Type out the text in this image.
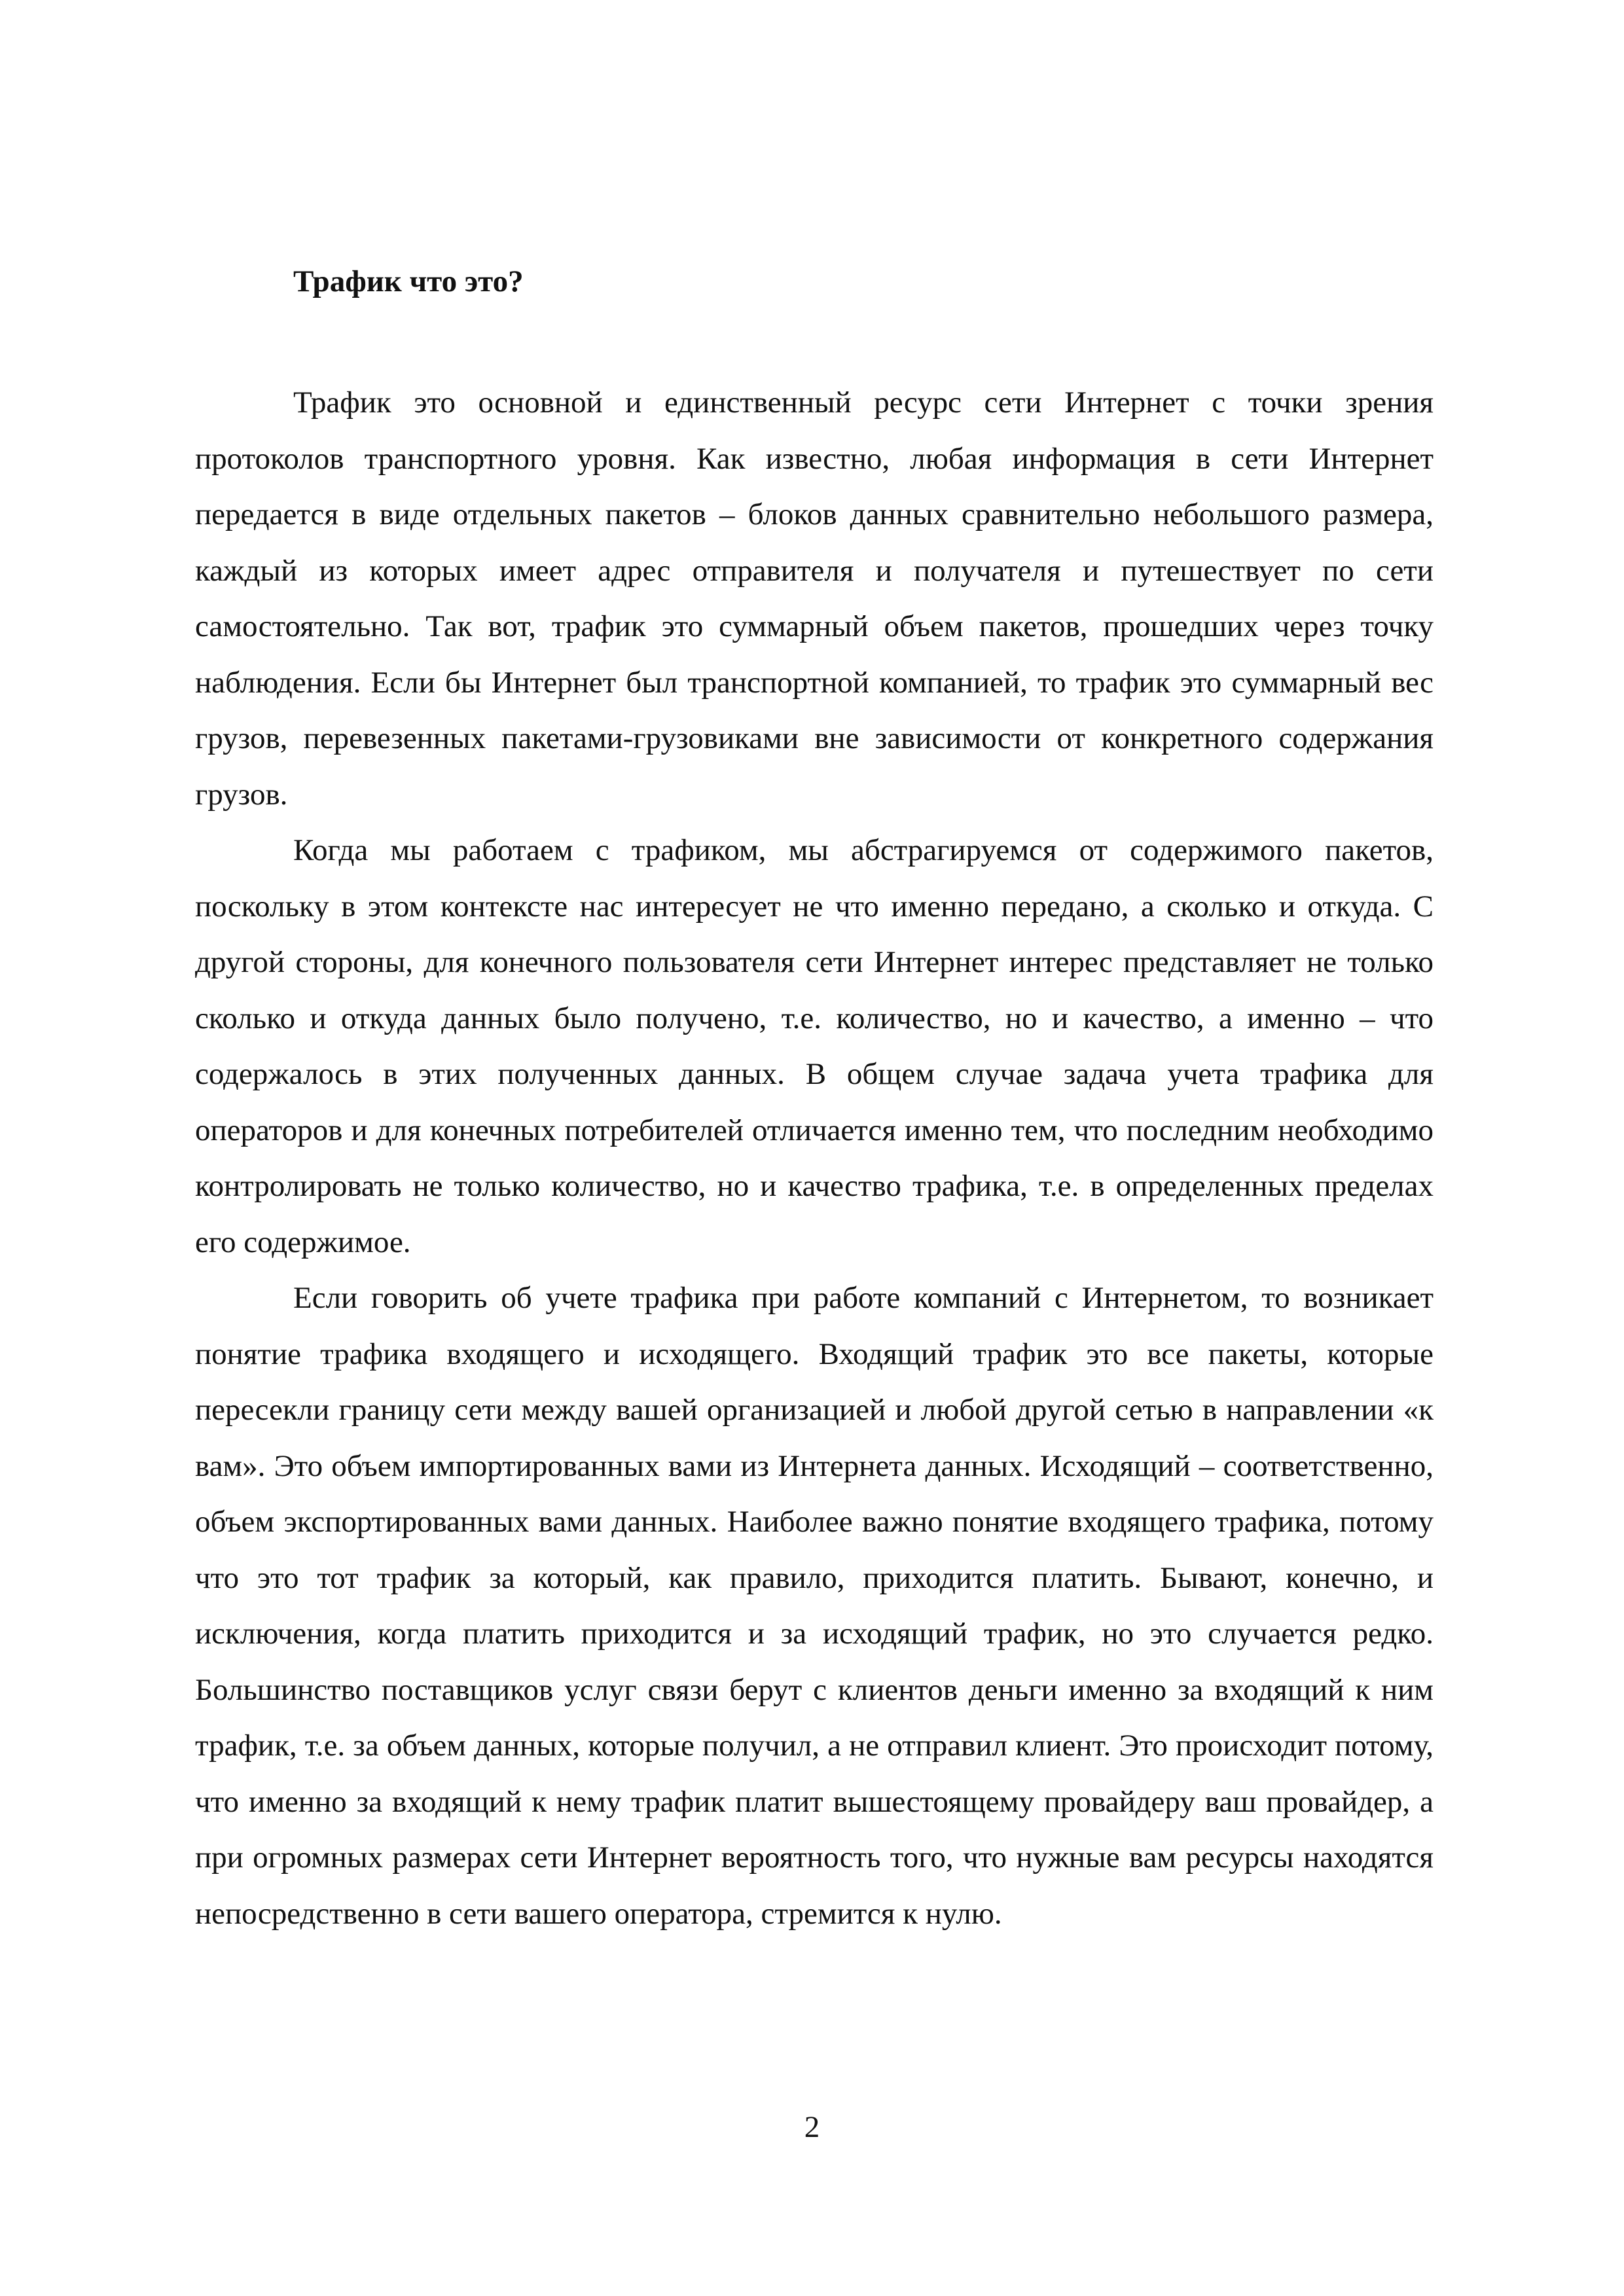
Трафик что это?

Трафик это основной и единственный ресурс сети Интернет с точки зрения протоколов транспортного уровня. Как известно, любая информация в сети Интернет передается в виде отдельных пакетов – блоков данных сравнительно небольшого размера, каждый из которых имеет адрес отправителя и получателя и путешествует по сети самостоятельно. Так вот, трафик это суммарный объем пакетов, прошедших через точку наблюдения. Если бы Интернет был транспортной компанией, то трафик это суммарный вес грузов, перевезенных пакетами-грузовиками вне зависимости от конкретного содержания грузов.

Когда мы работаем с трафиком, мы абстрагируемся от содержимого пакетов, поскольку в этом контексте нас интересует не что именно передано, а сколько и откуда. С другой стороны, для конечного пользователя сети Интернет интерес представляет не только сколько и откуда данных было получено, т.е. количество, но и качество, а именно – что содержалось в этих полученных данных. В общем случае задача учета трафика для операторов и для конечных потребителей отличается именно тем, что последним необходимо контролировать не только количество, но и качество трафика, т.е. в определенных пределах его содержимое.

Если говорить об учете трафика при работе компаний с Интернетом, то возникает понятие трафика входящего и исходящего. Входящий трафик это все пакеты, которые пересекли границу сети между вашей организацией и любой другой сетью в направлении «к вам». Это объем импортированных вами из Интернета данных. Исходящий – соответственно, объем экспортированных вами данных. Наиболее важно понятие входящего трафика, потому что это тот трафик за который, как правило, приходится платить. Бывают, конечно, и исключения, когда платить приходится и за исходящий трафик, но это случается редко. Большинство поставщиков услуг связи берут с клиентов деньги именно за входящий к ним трафик, т.е. за объем данных, которые получил, а не отправил клиент. Это происходит потому, что именно за входящий к нему трафик платит вышестоящему провайдеру ваш провайдер, а при огромных размерах сети Интернет вероятность того, что нужные вам ресурсы находятся непосредственно в сети вашего оператора, стремится к нулю.

2
